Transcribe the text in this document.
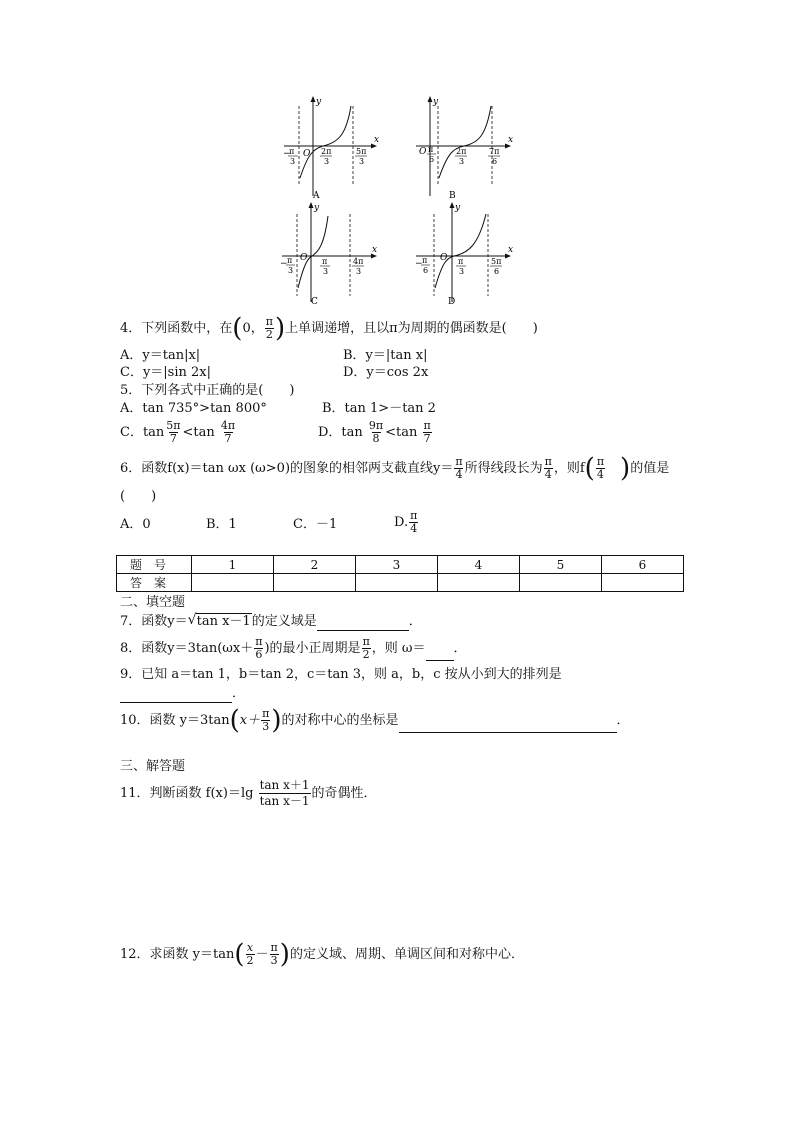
y
x
O
−
π
3
2π
3
5π
3
A
y
x
O π
6
2π
3
7π
6
B
y
x
O
− π
3
π
3
4π
3
C
y
x
O
− π
6
π
3
5π
6
D
4．下列函数中，在(0， $\frac{\pi}{2}$ )上单调递增，且以π为周期的偶函数是(　　)
A．y＝tan|x|	B．y＝|tan x|
C．y＝|sin 2x|	D．y＝cos 2x
5．下列各式中正确的是(　　)
A．tan 735°>tan 800°	B．tan 1>－tan 2
C．$\tan \frac{5\pi}{7} <\tan \frac{4\pi}{7}$	D．$\tan \frac{9\pi}{8} <\tan \frac{\pi}{7}$
6．函数f(x)＝tan ωx (ω>0)的图象的相邻两支截直线$y= \frac{\pi}{4}$ 所得线段长为 $\frac{\pi}{4}$ ，则$f( \frac{\pi}{4}$ )的值是
(　　)
A．0	B．1	C．－1	D. $\frac{\pi}{4}$
题号	1	2	3	4	5	6
答案						
二、填空题
7．函数y＝ √ tan x－1的定义域是	．
8．函数$y=3\tan(\omega x+ \frac{\pi}{6}$ )的最小正周期是 $\frac{\pi}{2}$ ，则 ω＝ ．
9．已知 a＝tan 1，b＝tan 2，c＝tan 3，则 a，b，c 按从小到大的排列是
．
10．函数 $y=3\tan(x+ \frac{\pi}{3}$ )的对称中心的坐标是	．
三、解答题
11．判断函数 $f(x)=\lg \frac{\text{tan x＋1}}{\text{tan x－1}}$ 的奇偶性．
12．求函数 $y=\tan( \frac{x}{2} - \frac{\pi}{3}$ )的定义域、周期、单调区间和对称中心．
